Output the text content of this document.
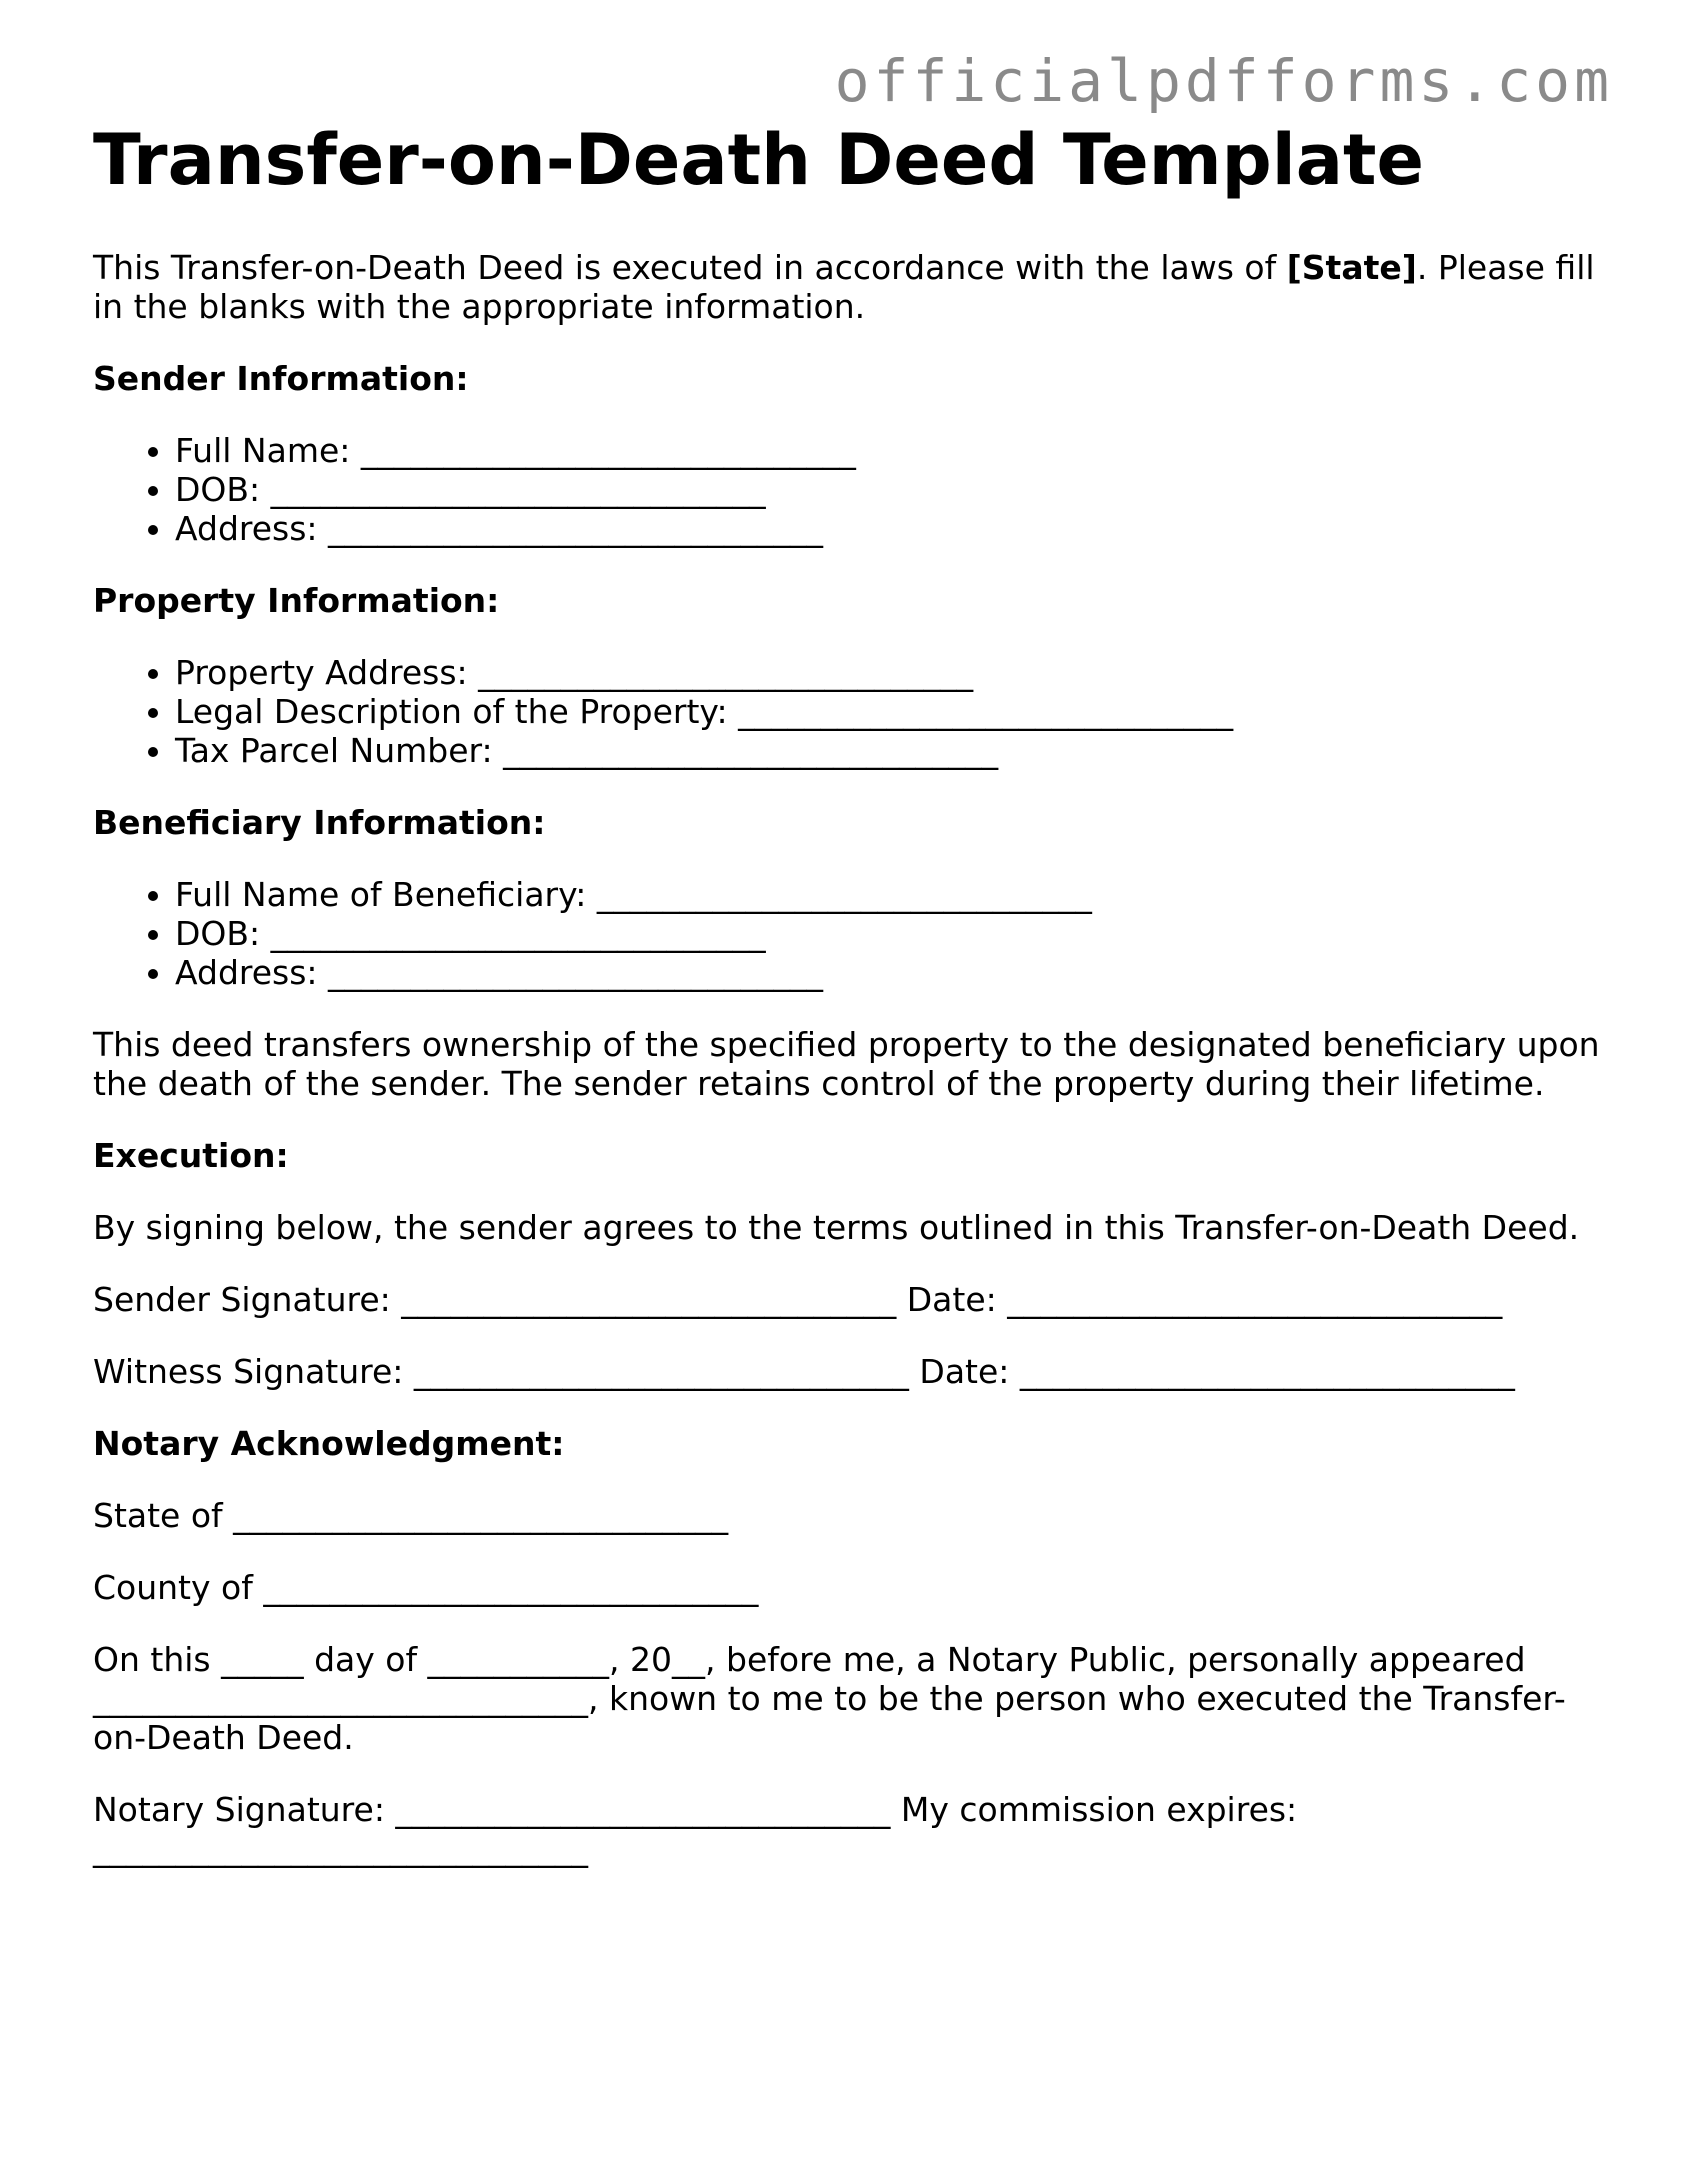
officialpdfforms.com

Transfer-on-Death Deed Template

This Transfer-on-Death Deed is executed in accordance with the laws of [State]. Please fill in the blanks with the appropriate information.

Sender Information:
• Full Name: ______________________________
• DOB: ______________________________
• Address: ______________________________
Property Information:
• Property Address: ______________________________
• Legal Description of the Property: ______________________________
• Tax Parcel Number: ______________________________
Beneficiary Information:
• Full Name of Beneficiary: ______________________________
• DOB: ______________________________
• Address: ______________________________

This deed transfers ownership of the specified property to the designated beneficiary upon the death of the sender. The sender retains control of the property during their lifetime.

Execution:

By signing below, the sender agrees to the terms outlined in this Transfer-on-Death Deed.

Sender Signature: ______________________________ Date: ______________________________

Witness Signature: ______________________________ Date: ______________________________

Notary Acknowledgment:

State of ______________________________

County of ______________________________

On this _____ day of ___________, 20__, before me, a Notary Public, personally appeared ______________________________, known to me to be the person who executed the Transfer-on-Death Deed.

Notary Signature: ______________________________ My commission expires: ______________________________
